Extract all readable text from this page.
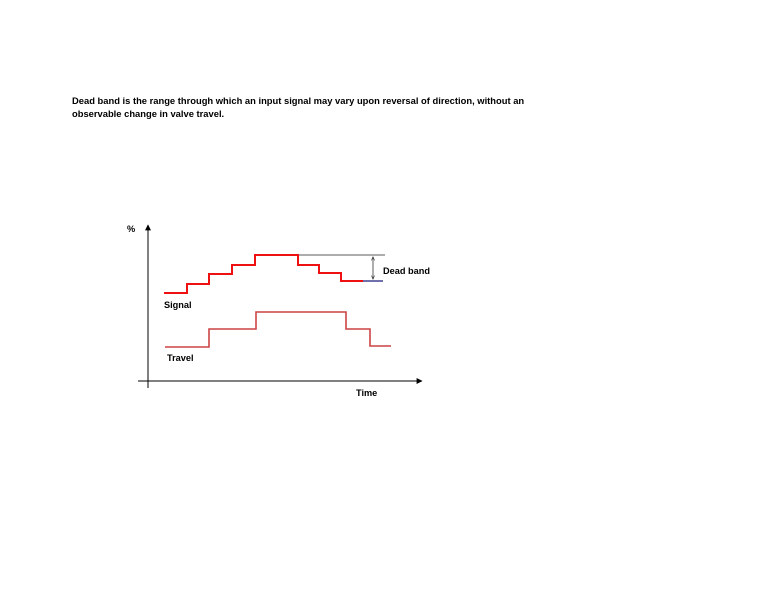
Dead band is the range through which an input signal may vary upon reversal of direction, without an
observable change in valve travel.
%
Time
Dead band
Signal
Travel
